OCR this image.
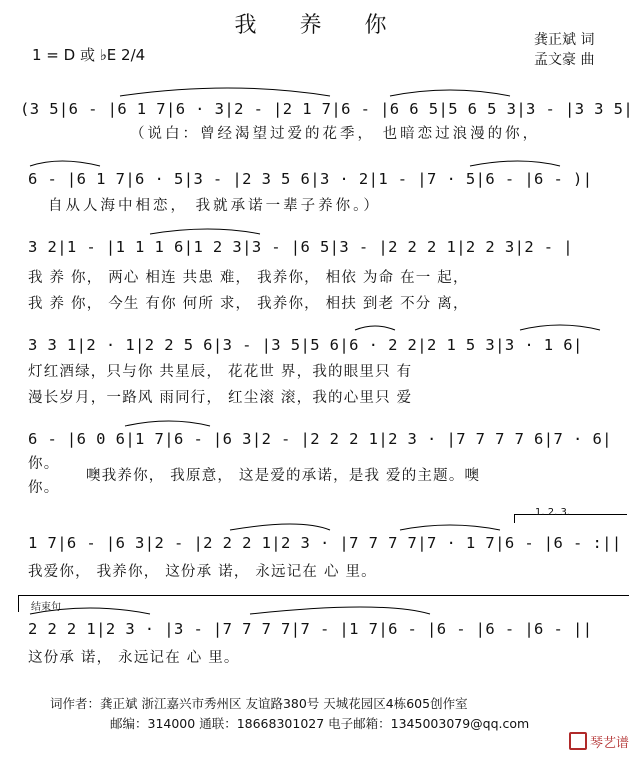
我 养 你
1 = D 或 ♭E 2/4
龚正斌 词
孟文豪 曲
(3 5|6 - |6 1 7|6 · 3|2 - |2 1 7|6 - |6 6 5|5 6 5 3|3 - |3 3 5|
（说白：曾经渴望过爱的花季， 也暗恋过浪漫的你，
6 - |6 1 7|6 · 5|3 - |2 3 5 6|3 · 2|1 - |7 · 5|6 - |6 - )|
自从人海中相恋， 我就承诺一辈子养你。）
3 2|1 - |1 1 1 6|1 2 3|3 - |6 5|3 - |2 2 2 1|2 2 3|2 - |
我 养 你， 两心 相连 共患 难， 我养你， 相依 为命 在一 起，
我 养 你， 今生 有你 何所 求， 我养你， 相扶 到老 不分 离，
3 3 1|2 · 1|2 2 5 6|3 - |3 5|5 6|6 · 2 2|2 1 5 3|3 · 1 6|
灯红酒绿，只与你 共星辰， 花花世 界，我的眼里只 有
漫长岁月，一路风 雨同行， 红尘滚 滚，我的心里只 爱
6 - |6 0 6|1 7|6 - |6 3|2 - |2 2 2 1|2 3 · |7 7 7 7 6|7 · 6|
你。
噢我养你， 我原意， 这是爱的承诺，是我 爱的主题。噢
你。
1 7|6 - |6 3|2 - |2 2 2 1|2 3 · |7 7 7 7|7 · 1 7|6 - |6 - :||
我爱你， 我养你， 这份承 诺， 永远记在 心 里。
2 2 2 1|2 3 · |3 - |7 7 7 7|7 - |1 7|6 - |6 - |6 - |6 - ||
这份承 诺， 永远记在 心 里。
1. 2. 3.
结束句
词作者：龚正斌 浙江嘉兴市秀州区 友谊路380号 天城花园区4栋605创作室
邮编：314000 通联：18668301027 电子邮箱：1345003079@qq.com
琴艺谱
